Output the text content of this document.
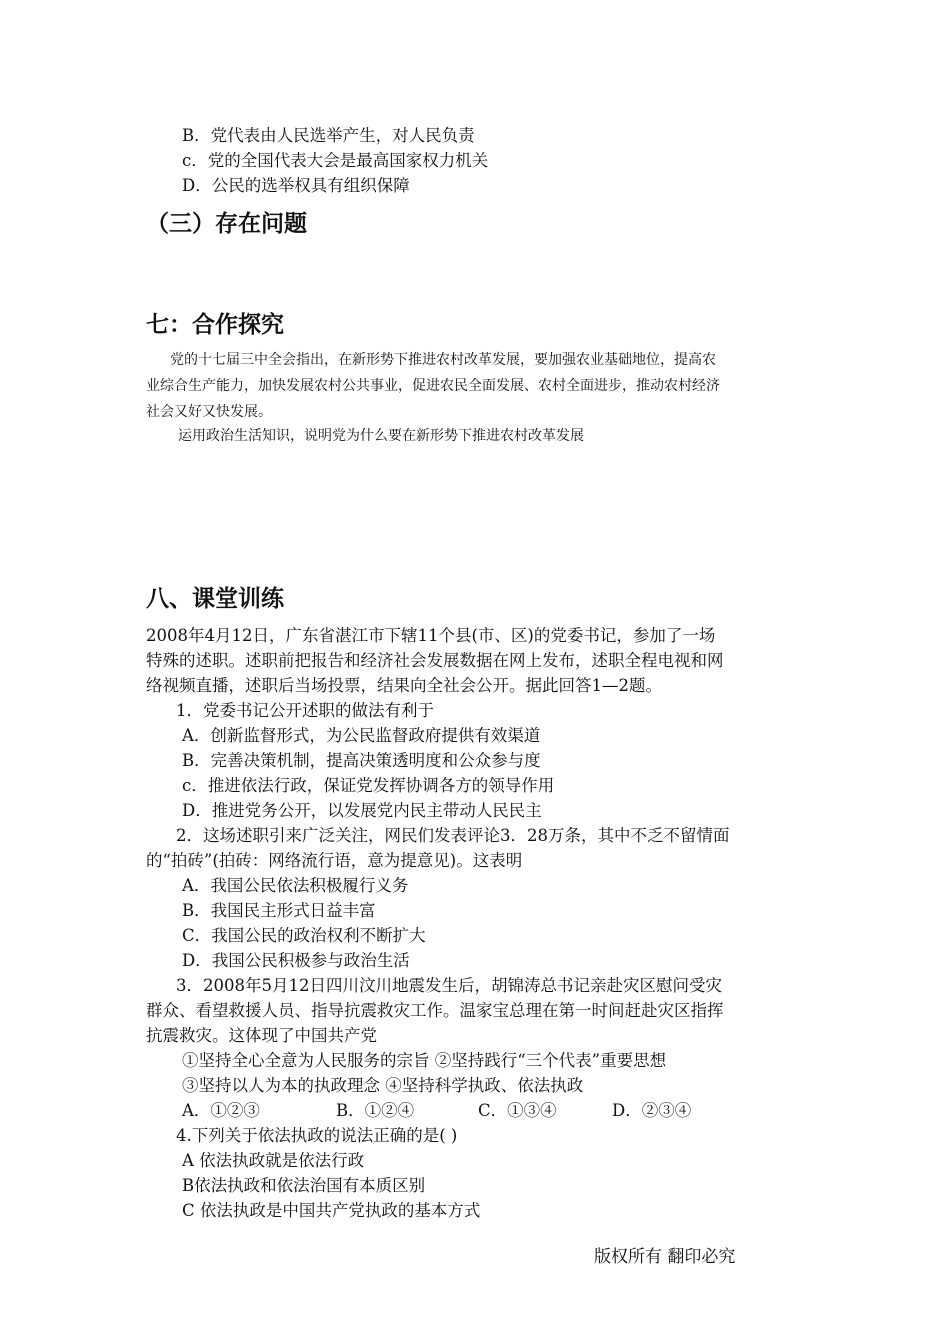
B．党代表由人民选举产生，对人民负责
c．党的全国代表大会是最高国家权力机关
D．公民的选举权具有组织保障
（三）存在问题
七：合作探究
党的十七届三中全会指出，在新形势下推进农村改革发展，要加强农业基础地位，提高农
业综合生产能力，加快发展农村公共事业，促进农民全面发展、农村全面进步，推动农村经济
社会又好又快发展。
运用政治生活知识，说明党为什么要在新形势下推进农村改革发展
八、课堂训练
2008年4月12日，广东省湛江市下辖11个县(市、区)的党委书记，参加了一场
特殊的述职。述职前把报告和经济社会发展数据在网上发布，述职全程电视和网
络视频直播，述职后当场投票，结果向全社会公开。据此回答1—2题。
1．党委书记公开述职的做法有利于
A．创新监督形式，为公民监督政府提供有效渠道
B．完善决策机制，提高决策透明度和公众参与度
c．推进依法行政，保证党发挥协调各方的领导作用
D．推进党务公开，以发展党内民主带动人民民主
2．这场述职引来广泛关注，网民们发表评论3．28万条，其中不乏不留情面
的“拍砖”(拍砖：网络流行语，意为提意见)。这表明
A．我国公民依法积极履行义务
B．我国民主形式日益丰富
C．我国公民的政治权利不断扩大
D．我国公民积极参与政治生活
3．2008年5月12日四川汶川地震发生后，胡锦涛总书记亲赴灾区慰问受灾
群众、看望救援人员、指导抗震救灾工作。温家宝总理在第一时间赶赴灾区指挥
抗震救灾。这体现了中国共产党
①坚持全心全意为人民服务的宗旨 ②坚持践行“三个代表”重要思想
③坚持以人为本的执政理念 ④坚持科学执政、依法执政
A．①②③	B．①②④	C．①③④	D．②③④
4.下列关于依法执政的说法正确的是( )
A 依法执政就是依法行政
B依法执政和依法治国有本质区别
C 依法执政是中国共产党执政的基本方式
版权所有 翻印必究
